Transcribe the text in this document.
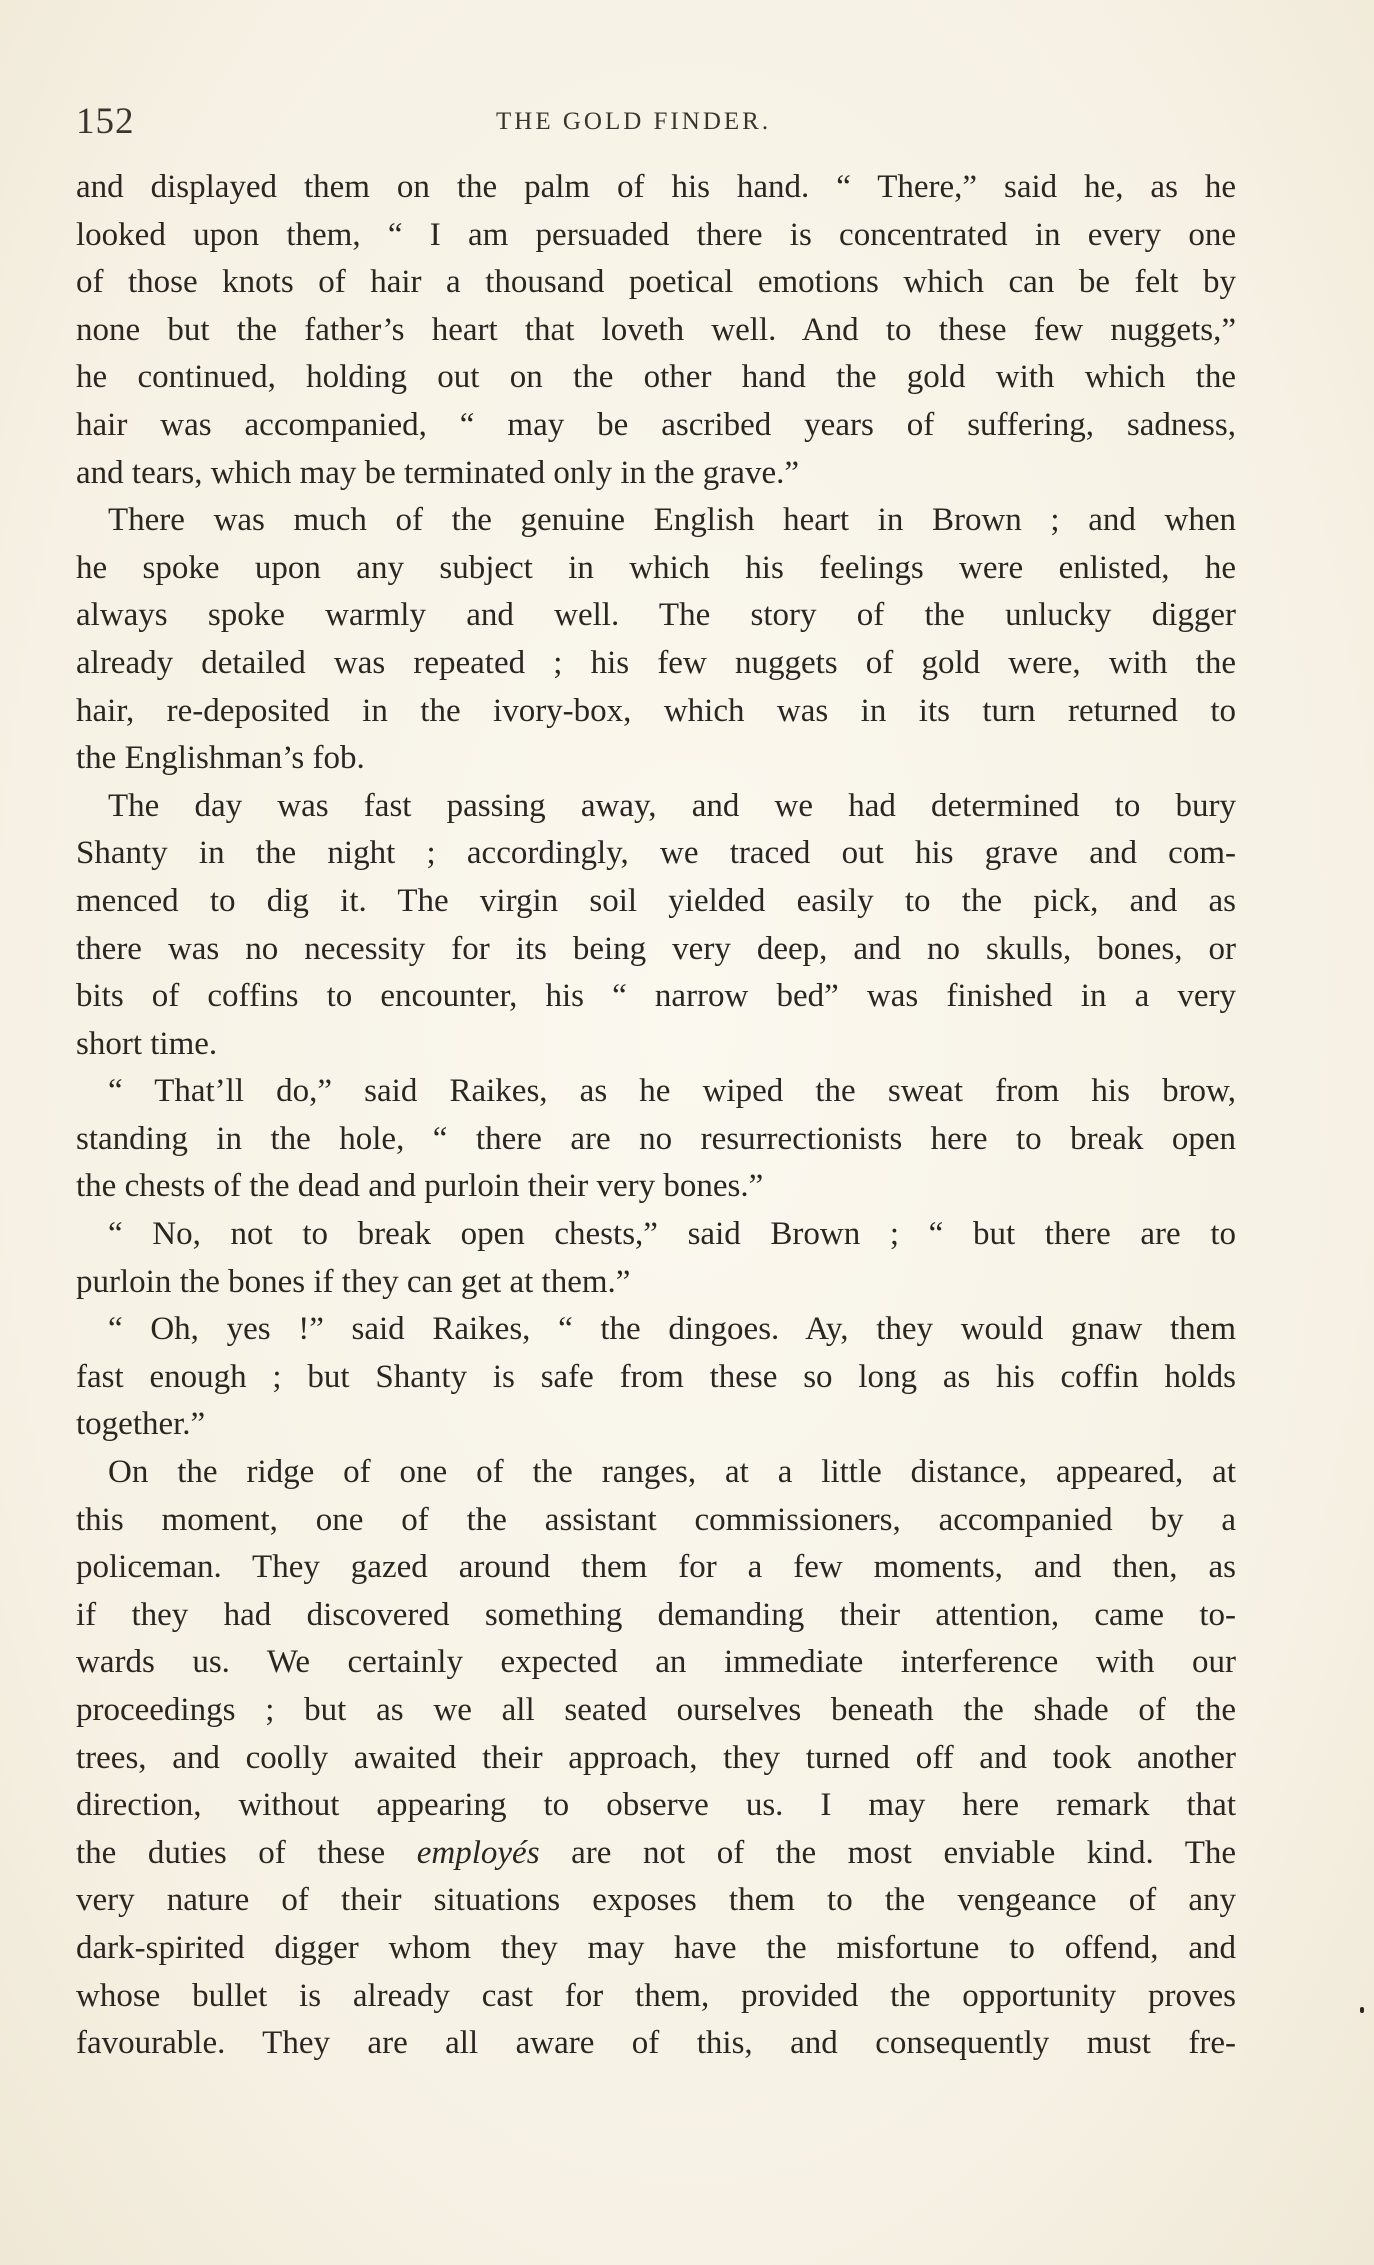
152	THE GOLD FINDER.
and displayed them on the palm of his hand. “ There,” said he, as he
looked upon them, “ I am persuaded there is concentrated in every one
of those knots of hair a thousand poetical emotions which can be felt by
none but the father’s heart that loveth well. And to these few nuggets,”
he continued, holding out on the other hand the gold with which the
hair was accompanied, “ may be ascribed years of suffering, sadness,
and tears, which may be terminated only in the grave.”
There was much of the genuine English heart in Brown ; and when
he spoke upon any subject in which his feelings were enlisted, he
always spoke warmly and well. The story of the unlucky digger
already detailed was repeated ; his few nuggets of gold were, with the
hair, re-deposited in the ivory-box, which was in its turn returned to
the Englishman’s fob.
The day was fast passing away, and we had determined to bury
Shanty in the night ; accordingly, we traced out his grave and com-
menced to dig it. The virgin soil yielded easily to the pick, and as
there was no necessity for its being very deep, and no skulls, bones, or
bits of coffins to encounter, his “ narrow bed” was finished in a very
short time.
“ That’ll do,” said Raikes, as he wiped the sweat from his brow,
standing in the hole, “ there are no resurrectionists here to break open
the chests of the dead and purloin their very bones.”
“ No, not to break open chests,” said Brown ; “ but there are to
purloin the bones if they can get at them.”
“ Oh, yes !” said Raikes, “ the dingoes. Ay, they would gnaw them
fast enough ; but Shanty is safe from these so long as his coffin holds
together.”
On the ridge of one of the ranges, at a little distance, appeared, at
this moment, one of the assistant commissioners, accompanied by a
policeman. They gazed around them for a few moments, and then, as
if they had discovered something demanding their attention, came to-
wards us. We certainly expected an immediate interference with our
proceedings ; but as we all seated ourselves beneath the shade of the
trees, and coolly awaited their approach, they turned off and took another
direction, without appearing to observe us. I may here remark that
the duties of these employés are not of the most enviable kind. The
very nature of their situations exposes them to the vengeance of any
dark-spirited digger whom they may have the misfortune to offend, and
whose bullet is already cast for them, provided the opportunity proves
favourable. They are all aware of this, and consequently must fre-
